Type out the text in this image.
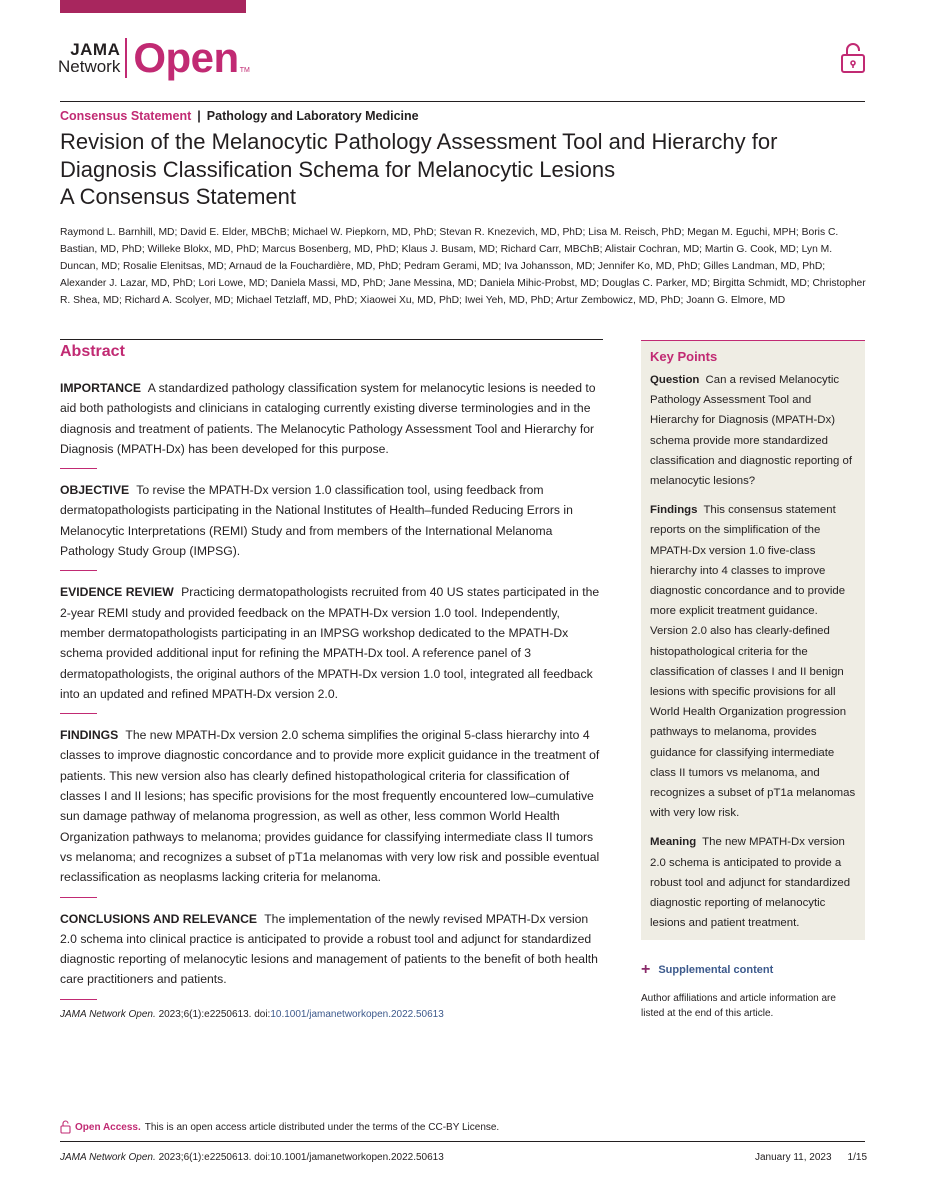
JAMA
Network Open TM
Consensus Statement | Pathology and Laboratory Medicine
Revision of the Melanocytic Pathology Assessment Tool and Hierarchy for Diagnosis Classification Schema for Melanocytic Lesions
A Consensus Statement
Raymond L. Barnhill, MD; David E. Elder, MBChB; Michael W. Piepkorn, MD, PhD; Stevan R. Knezevich, MD, PhD; Lisa M. Reisch, PhD; Megan M. Eguchi, MPH; Boris C. Bastian, MD, PhD; Willeke Blokx, MD, PhD; Marcus Bosenberg, MD, PhD; Klaus J. Busam, MD; Richard Carr, MBChB; Alistair Cochran, MD; Martin G. Cook, MD; Lyn M. Duncan, MD; Rosalie Elenitsas, MD; Arnaud de la Fouchardière, MD, PhD; Pedram Gerami, MD; Iva Johansson, MD; Jennifer Ko, MD, PhD; Gilles Landman, MD, PhD; Alexander J. Lazar, MD, PhD; Lori Lowe, MD; Daniela Massi, MD, PhD; Jane Messina, MD; Daniela Mihic-Probst, MD; Douglas C. Parker, MD; Birgitta Schmidt, MD; Christopher R. Shea, MD; Richard A. Scolyer, MD; Michael Tetzlaff, MD, PhD; Xiaowei Xu, MD, PhD; Iwei Yeh, MD, PhD; Artur Zembowicz, MD, PhD; Joann G. Elmore, MD
Abstract

IMPORTANCE A standardized pathology classification system for melanocytic lesions is needed to aid both pathologists and clinicians in cataloging currently existing diverse terminologies and in the diagnosis and treatment of patients. The Melanocytic Pathology Assessment Tool and Hierarchy for Diagnosis (MPATH-Dx) has been developed for this purpose.

OBJECTIVE To revise the MPATH-Dx version 1.0 classification tool, using feedback from dermatopathologists participating in the National Institutes of Health–funded Reducing Errors in Melanocytic Interpretations (REMI) Study and from members of the International Melanoma Pathology Study Group (IMPSG).

EVIDENCE REVIEW Practicing dermatopathologists recruited from 40 US states participated in the 2-year REMI study and provided feedback on the MPATH-Dx version 1.0 tool. Independently, member dermatopathologists participating in an IMPSG workshop dedicated to the MPATH-Dx schema provided additional input for refining the MPATH-Dx tool. A reference panel of 3 dermatopathologists, the original authors of the MPATH-Dx version 1.0 tool, integrated all feedback into an updated and refined MPATH-Dx version 2.0.

FINDINGS The new MPATH-Dx version 2.0 schema simplifies the original 5-class hierarchy into 4 classes to improve diagnostic concordance and to provide more explicit guidance in the treatment of patients. This new version also has clearly defined histopathological criteria for classification of classes I and II lesions; has specific provisions for the most frequently encountered low–cumulative sun damage pathway of melanoma progression, as well as other, less common World Health Organization pathways to melanoma; provides guidance for classifying intermediate class II tumors vs melanoma; and recognizes a subset of pT1a melanomas with very low risk and possible eventual reclassification as neoplasms lacking criteria for melanoma.

CONCLUSIONS AND RELEVANCE The implementation of the newly revised MPATH-Dx version 2.0 schema into clinical practice is anticipated to provide a robust tool and adjunct for standardized diagnostic reporting of melanocytic lesions and management of patients to the benefit of both health care practitioners and patients.

JAMA Network Open. 2023;6(1):e2250613. doi:10.1001/jamanetworkopen.2022.50613
Key Points

Question Can a revised Melanocytic Pathology Assessment Tool and Hierarchy for Diagnosis (MPATH-Dx) schema provide more standardized classification and diagnostic reporting of melanocytic lesions?

Findings This consensus statement reports on the simplification of the MPATH-Dx version 1.0 five-class hierarchy into 4 classes to improve diagnostic concordance and to provide more explicit treatment guidance. Version 2.0 also has clearly-defined histopathological criteria for the classification of classes I and II benign lesions with specific provisions for all World Health Organization progression pathways to melanoma, provides guidance for classifying intermediate class II tumors vs melanoma, and recognizes a subset of pT1a melanomas with very low risk.

Meaning The new MPATH-Dx version 2.0 schema is anticipated to provide a robust tool and adjunct for standardized diagnostic reporting of melanocytic lesions and patient treatment.

+ Supplemental content
Author affiliations and article information are listed at the end of this article.
Open Access. This is an open access article distributed under the terms of the CC-BY License.
JAMA Network Open. 2023;6(1):e2250613. doi:10.1001/jamanetworkopen.2022.50613	January 11, 2023 1/15
